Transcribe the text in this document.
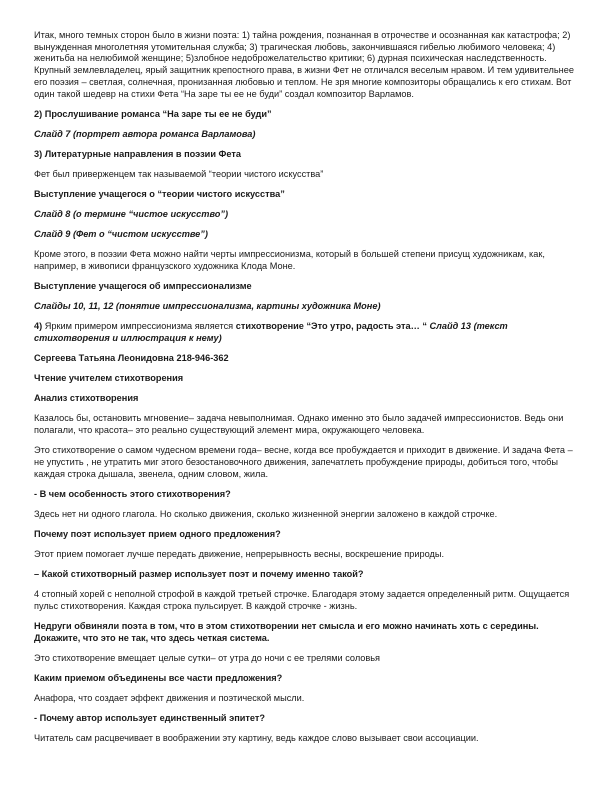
Итак, много темных сторон было в жизни поэта: 1) тайна рождения, познанная в отрочестве и осознанная как катастрофа; 2) вынужденная многолетняя утомительная служба; 3) трагическая любовь, закончившаяся гибелью любимого человека; 4) женитьба на нелюбимой женщине; 5)злобное недоброжелательство критики; 6) дурная психическая наследственность. Крупный землевладелец, ярый защитник крепостного права, в жизни Фет не отличался веселым нравом. И тем удивительнее его поэзия – светлая, солнечная, пронизанная любовью и теплом. Не зря многие композиторы обращались к его стихам. Вот один такой шедевр на стихи Фета “На заре ты ее не буди” создал композитор Варламов.

2) Прослушивание романса “На заре ты ее не буди”

Слайд 7 (портрет автора романса Варламова)

3) Литературные направления в поэзии Фета

Фет был приверженцем так называемой “теории чистого искусства”

Выступление учащегося о “теории чистого искусства”

Слайд 8 (о термине “чистое искусство”)

Слайд 9 (Фет о “чистом искусстве”)

Кроме этого, в поэзии Фета можно найти черты импрессионизма, который в большей степени присущ художникам, как, например, в живописи французского художника Клода Моне.

Выступление учащегося об импрессионализме

Слайды 10, 11, 12 (понятие импрессионализма, картины художника Моне)

4) Ярким примером импрессионизма является стихотворение “Это утро, радость эта… “ Слайд 13 (текст стихотворения и иллюстрация к нему)

Сергеева Татьяна Леонидовна 218-946-362

Чтение учителем стихотворения

Анализ стихотворения

Казалось бы, остановить мгновение– задача невыполнимая. Однако именно это было задачей импрессионистов. Ведь они полагали, что красота– это реально существующий элемент мира, окружающего человека.

Это стихотворение о самом чудесном времени года– весне, когда все пробуждается и приходит в движение. И задача Фета –не упустить , не утратить миг этого безостановочного движения, запечатлеть пробуждение природы, добиться того, чтобы каждая строка дышала, звенела, одним словом, жила.

- В чем особенность этого стихотворения?

Здесь нет ни одного глагола. Но сколько движения, сколько жизненной энергии заложено в каждой строчке.

Почему поэт использует прием одного предложения?

Этот прием помогает лучше передать движение, непрерывность весны, воскрешение природы.

– Какой стихотворный размер использует поэт и почему именно такой?

4 стопный хорей с неполной строфой в каждой третьей строчке. Благодаря этому задается определенный ритм. Ощущается пульс стихотворения. Каждая строка пульсирует. В каждой строчке - жизнь.

Недруги обвиняли поэта в том, что в этом стихотворении нет смысла и его можно начинать хоть с середины. Докажите, что это не так, что здесь четкая система.

Это стихотворение вмещает целые сутки– от утра до ночи с ее трелями соловья

Каким приемом объединены все части предложения?

Анафора, что создает эффект движения и поэтической мысли.

- Почему автор использует единственный эпитет?

Читатель сам расцвечивает в воображении эту картину, ведь каждое слово вызывает свои ассоциации.
